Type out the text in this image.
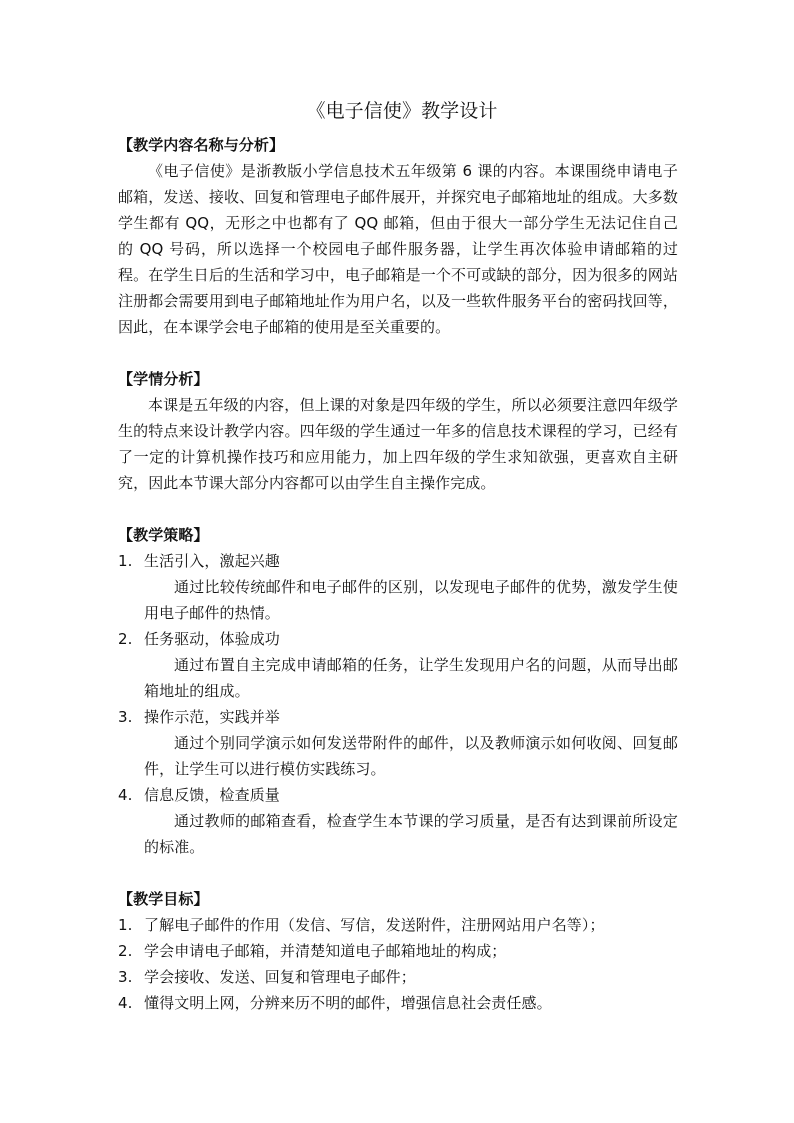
《电子信使》教学设计

【教学内容名称与分析】

《电子信使》是浙教版小学信息技术五年级第 6 课的内容。本课围绕申请电子邮箱，发送、接收、回复和管理电子邮件展开，并探究电子邮箱地址的组成。大多数学生都有 QQ，无形之中也都有了 QQ 邮箱，但由于很大一部分学生无法记住自己的 QQ 号码，所以选择一个校园电子邮件服务器，让学生再次体验申请邮箱的过程。在学生日后的生活和学习中，电子邮箱是一个不可或缺的部分，因为很多的网站注册都会需要用到电子邮箱地址作为用户名，以及一些软件服务平台的密码找回等，因此，在本课学会电子邮箱的使用是至关重要的。

【学情分析】

本课是五年级的内容，但上课的对象是四年级的学生，所以必须要注意四年级学生的特点来设计教学内容。四年级的学生通过一年多的信息技术课程的学习，已经有了一定的计算机操作技巧和应用能力，加上四年级的学生求知欲强，更喜欢自主研究，因此本节课大部分内容都可以由学生自主操作完成。

【教学策略】

1. 生活引入，激起兴趣

通过比较传统邮件和电子邮件的区别，以发现电子邮件的优势，激发学生使用电子邮件的热情。

2. 任务驱动，体验成功

通过布置自主完成申请邮箱的任务，让学生发现用户名的问题，从而导出邮箱地址的组成。

3. 操作示范，实践并举

通过个别同学演示如何发送带附件的邮件，以及教师演示如何收阅、回复邮件，让学生可以进行模仿实践练习。

4. 信息反馈，检查质量

通过教师的邮箱查看，检查学生本节课的学习质量，是否有达到课前所设定的标准。

【教学目标】

1. 了解电子邮件的作用（发信、写信，发送附件，注册网站用户名等）；

2. 学会申请电子邮箱，并清楚知道电子邮箱地址的构成；

3. 学会接收、发送、回复和管理电子邮件；

4. 懂得文明上网，分辨来历不明的邮件，增强信息社会责任感。
